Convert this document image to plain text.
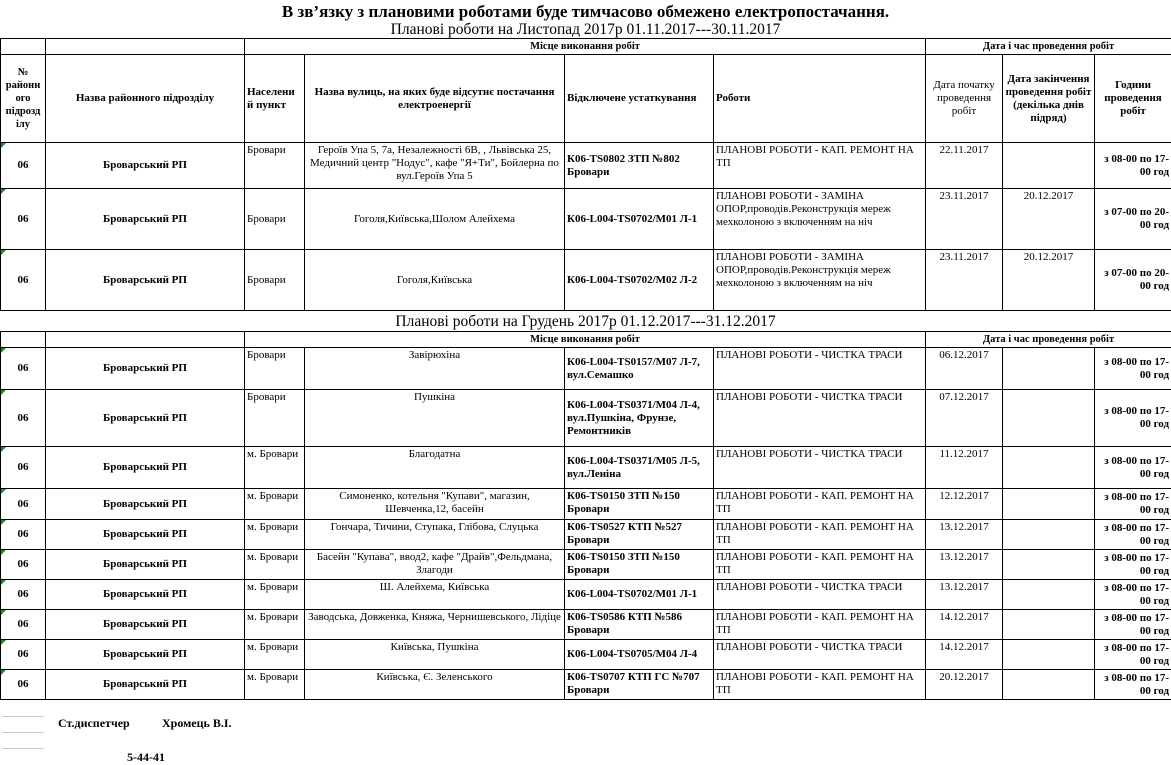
В зв’язку з плановими роботами буде тимчасово обмежено електропостачання.
Планові роботи на Листопад 2017р 01.11.2017---30.11.2017
		Місце виконання робіт				Дата і час проведення робіт		
№ районн ого підрозд ілу	Назва районного підрозділу	Населени й пункт	Назва вулиць, на яких буде відсутнє постачання електроенергії	Відключене устаткування	Роботи	Дата початку проведення робіт	Дата закінчення проведення робіт (декілька днів підряд)	Години проведення робіт
06	Броварський РП	Бровари	Героїв Упа 5, 7а, Незалежності 6В, , Львівська 25, Медичний центр "Нодус", кафе "Я+Ти", Бойлерна по вул.Героїв Упа 5	К06-TS0802 ЗТП №802 Бровари	ПЛАНОВІ РОБОТИ - КАП. РЕМОНТ НА ТП	22.11.2017		з 08-00 по 17-00 год
06	Броварський РП	Бровари	Гоголя,Київська,Шолом Алейхема	К06-L004-TS0702/M01 Л-1	ПЛАНОВІ РОБОТИ - ЗАМІНА ОПОР,проводів.Реконструкція мереж мехколоною з включенням на ніч	23.11.2017	20.12.2017	з 07-00 по 20-00 год
06	Броварський РП	Бровари	Гоголя,Київська	К06-L004-TS0702/M02 Л-2	ПЛАНОВІ РОБОТИ - ЗАМІНА ОПОР,проводів.Реконструкція мереж мехколоною з включенням на ніч	23.11.2017	20.12.2017	з 07-00 по 20-00 год
Планові роботи на Грудень 2017р 01.12.2017---31.12.2017
		Місце виконання робіт				Дата і час проведення робіт		
06	Броварський РП	Бровари	Завірюхіна	К06-L004-TS0157/M07 Л-7, вул.Семашко	ПЛАНОВІ РОБОТИ - ЧИСТКА ТРАСИ	06.12.2017		з 08-00 по 17-00 год
06	Броварський РП	Бровари	Пушкіна	К06-L004-TS0371/M04 Л-4, вул.Пушкіна, Фрунзе, Ремонтників	ПЛАНОВІ РОБОТИ - ЧИСТКА ТРАСИ	07.12.2017		з 08-00 по 17-00 год
06	Броварський РП	м. Бровари	Благодатна	К06-L004-TS0371/M05 Л-5, вул.Леніна	ПЛАНОВІ РОБОТИ - ЧИСТКА ТРАСИ	11.12.2017		з 08-00 по 17-00 год
06	Броварський РП	м. Бровари	Симоненко, котельня "Купави", магазин, Шевченка,12, басейн	К06-TS0150 ЗТП №150 Бровари	ПЛАНОВІ РОБОТИ - КАП. РЕМОНТ НА ТП	12.12.2017		з 08-00 по 17-00 год
06	Броварський РП	м. Бровари	Гончара, Тичини, Ступака, Глібова, Слуцька	К06-TS0527 КТП №527 Бровари	ПЛАНОВІ РОБОТИ - КАП. РЕМОНТ НА ТП	13.12.2017		з 08-00 по 17-00 год
06	Броварський РП	м. Бровари	Басейн "Купава", ввод2, кафе "Драйв",Фельдмана, Злагоди	К06-TS0150 ЗТП №150 Бровари	ПЛАНОВІ РОБОТИ - КАП. РЕМОНТ НА ТП	13.12.2017		з 08-00 по 17-00 год
06	Броварський РП	м. Бровари	Ш. Алейхема, Київська	К06-L004-TS0702/M01 Л-1	ПЛАНОВІ РОБОТИ - ЧИСТКА ТРАСИ	13.12.2017		з 08-00 по 17-00 год
06	Броварський РП	м. Бровари	Заводська, Довженка, Княжа, Чернишевського, Лiдiце	К06-TS0586 КТП №586 Бровари	ПЛАНОВІ РОБОТИ - КАП. РЕМОНТ НА ТП	14.12.2017		з 08-00 по 17-00 год
06	Броварський РП	м. Бровари	Київська, Пушкіна	К06-L004-TS0705/M04 Л-4	ПЛАНОВІ РОБОТИ - ЧИСТКА ТРАСИ	14.12.2017		з 08-00 по 17-00 год
06	Броварський РП	м. Бровари	Київська, Є. Зеленського	К06-TS0707 КТП ГС №707 Бровари	ПЛАНОВІ РОБОТИ - КАП. РЕМОНТ НА ТП	20.12.2017		з 08-00 по 17-00 год
Ст.диспетчер	Хромець В.І.
5-44-41
